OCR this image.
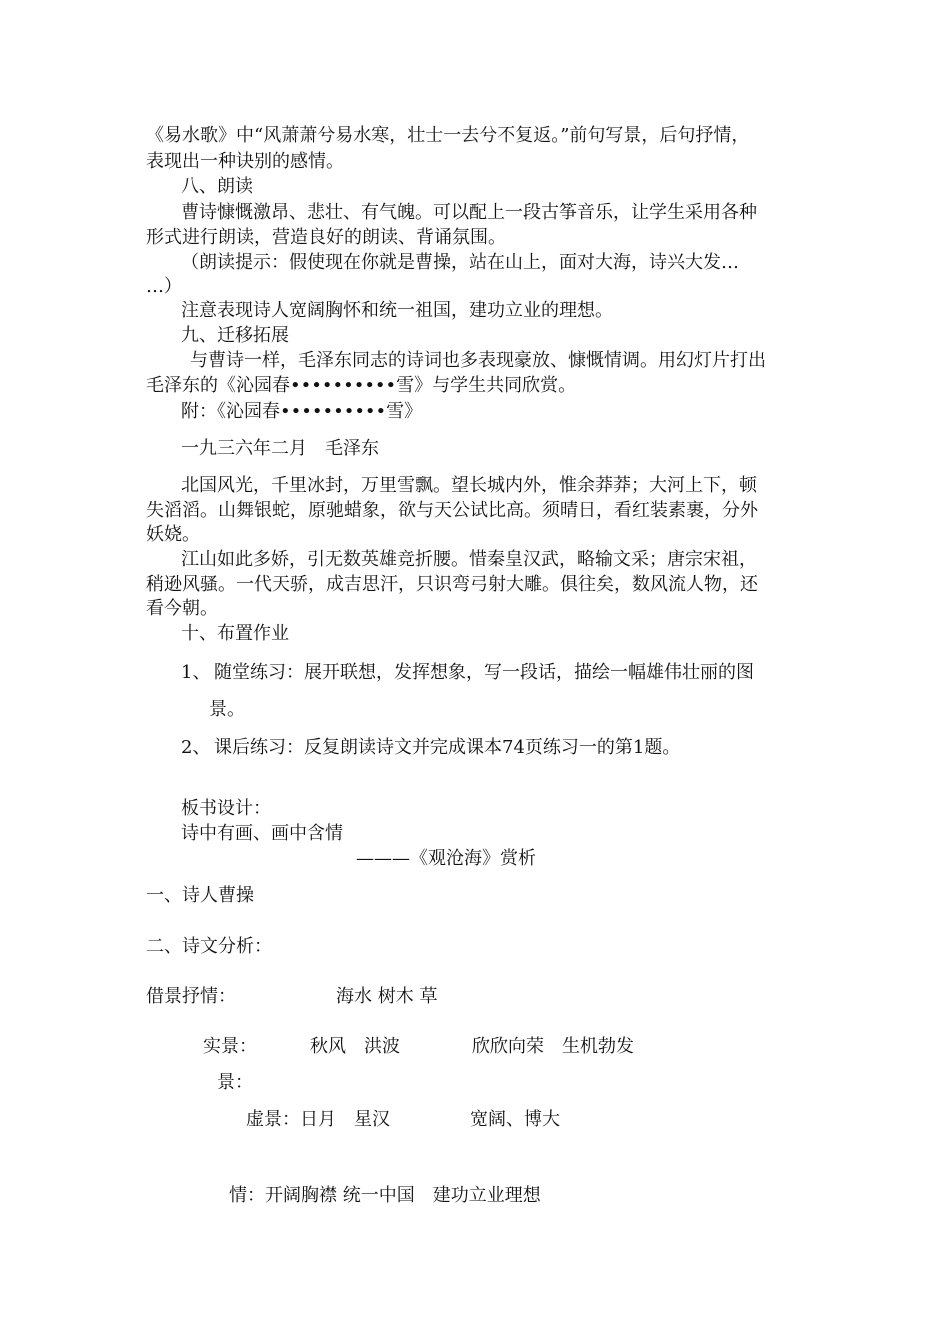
《易水歌》中“风萧萧兮易水寒，壮士一去兮不复返。”前句写景，后句抒情，
表现出一种诀别的感情。
八、朗读
曹诗慷慨激昂、悲壮、有气魄。可以配上一段古筝音乐，让学生采用各种
形式进行朗读，营造良好的朗读、背诵氛围。
（朗读提示：假使现在你就是曹操，站在山上，面对大海，诗兴大发…
…）
注意表现诗人宽阔胸怀和统一祖国，建功立业的理想。
九、迁移拓展
与曹诗一样，毛泽东同志的诗词也多表现豪放、慷慨情调。用幻灯片打出
毛泽东的《沁园春••••••••••雪》与学生共同欣赏。
附：《沁园春••••••••••雪》
一九三六年二月　毛泽东
北国风光，千里冰封，万里雪飘。望长城内外，惟余莽莽；大河上下，顿
失滔滔。山舞银蛇，原驰蜡象，欲与天公试比高。须晴日，看红装素裹，分外
妖娆。
江山如此多娇，引无数英雄竞折腰。惜秦皇汉武，略输文采；唐宗宋祖，
稍逊风骚。一代天骄，成吉思汗，只识弯弓射大雕。俱往矣，数风流人物，还
看今朝。
十、布置作业
1、 随堂练习：展开联想，发挥想象，写一段话，描绘一幅雄伟壮丽的图
景。
2、 课后练习：反复朗读诗文并完成课本74页练习一的第1题。
板书设计：
诗中有画、画中含情
———《观沧海》赏析
一、诗人曹操
二、诗文分析：
借景抒情：	海水 树木 草
实景：	秋风　洪波	欣欣向荣　生机勃发
景：
虚景：日月　星汉	宽阔、博大
情：开阔胸襟 统一中国　建功立业理想
